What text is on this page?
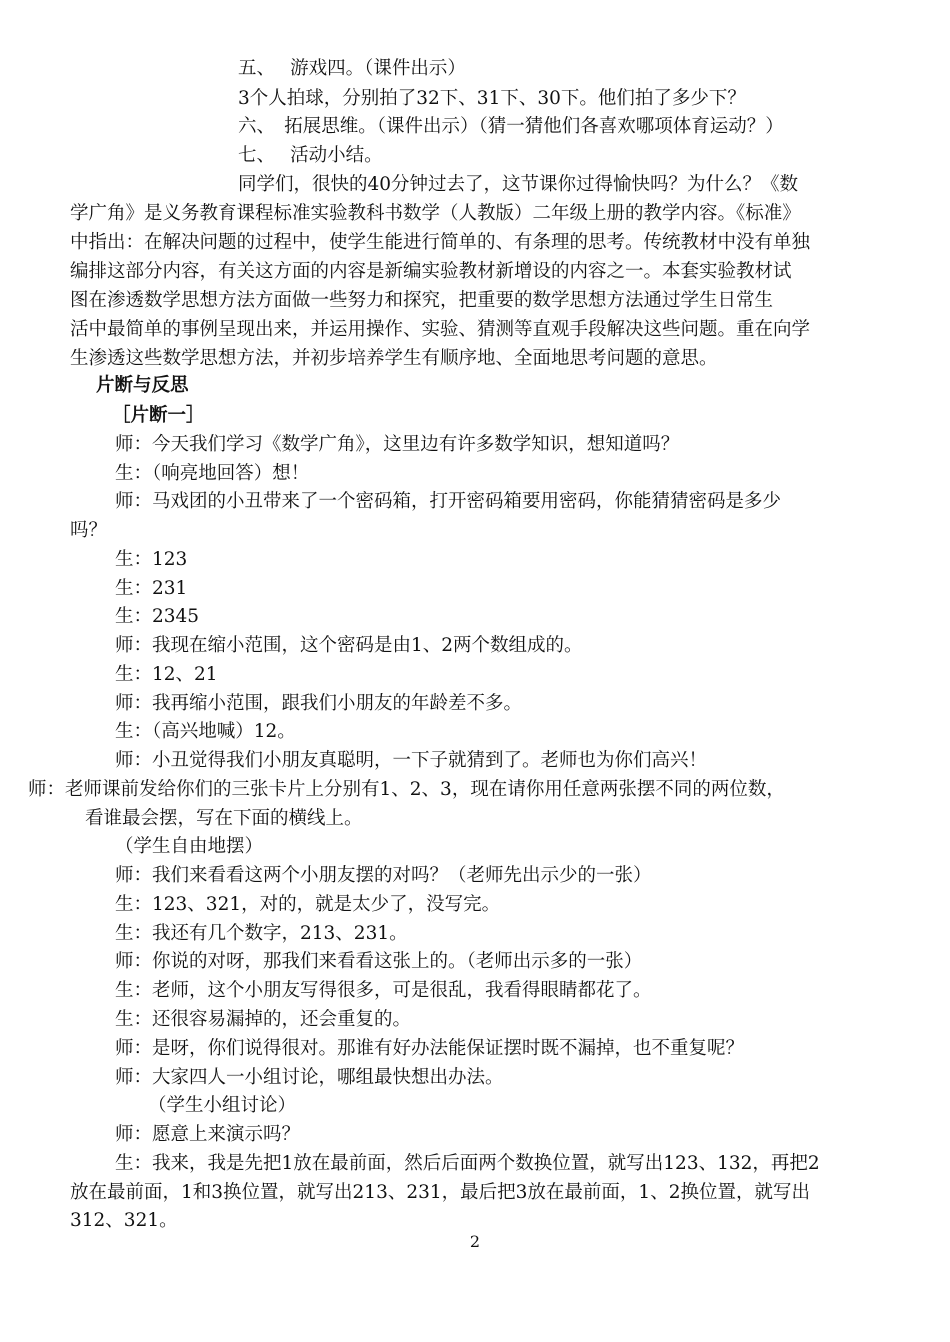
五、　 游戏四。（课件出示）
3个人拍球，分别拍了32下、31下、30下。他们拍了多少下？
六、　拓展思维。（课件出示）（猜一猜他们各喜欢哪项体育运动？）
七、　 活动小结。
同学们，很快的40分钟过去了，这节课你过得愉快吗？为什么？《数
学广角》是义务教育课程标准实验教科书数学（人教版）二年级上册的教学内容。《标准》
中指出：在解决问题的过程中，使学生能进行简单的、有条理的思考。传统教材中没有单独
编排这部分内容，有关这方面的内容是新编实验教材新增设的内容之一。本套实验教材试
图在渗透数学思想方法方面做一些努力和探究，把重要的数学思想方法通过学生日常生
活中最简单的事例呈现出来，并运用操作、实验、猜测等直观手段解决这些问题。重在向学
生渗透这些数学思想方法，并初步培养学生有顺序地、全面地思考问题的意思。
片断与反思
［片断一］
师：今天我们学习《数学广角》，这里边有许多数学知识，想知道吗？
生：（响亮地回答）想！
师：马戏团的小丑带来了一个密码箱，打开密码箱要用密码，你能猜猜密码是多少
吗？
生：123
生：231
生：2345
师：我现在缩小范围，这个密码是由1、2两个数组成的。
生：12、21
师：我再缩小范围，跟我们小朋友的年龄差不多。
生：（高兴地喊）12。
师：小丑觉得我们小朋友真聪明，一下子就猜到了。老师也为你们高兴！
师：老师课前发给你们的三张卡片上分别有1、2、3，现在请你用任意两张摆不同的两位数，
看谁最会摆，写在下面的横线上。
（学生自由地摆）
师：我们来看看这两个小朋友摆的对吗？（老师先出示少的一张）
生：123、321，对的，就是太少了，没写完。
生：我还有几个数字，213、231。
师：你说的对呀，那我们来看看这张上的。（老师出示多的一张）
生：老师，这个小朋友写得很多，可是很乱，我看得眼睛都花了。
生：还很容易漏掉的，还会重复的。
师：是呀，你们说得很对。那谁有好办法能保证摆时既不漏掉，也不重复呢？
师：大家四人一小组讨论，哪组最快想出办法。
（学生小组讨论）
师：愿意上来演示吗？
生：我来，我是先把1放在最前面，然后后面两个数换位置，就写出123、132，再把2
放在最前面，1和3换位置，就写出213、231，最后把3放在最前面，1、2换位置，就写出
312、321。
2
